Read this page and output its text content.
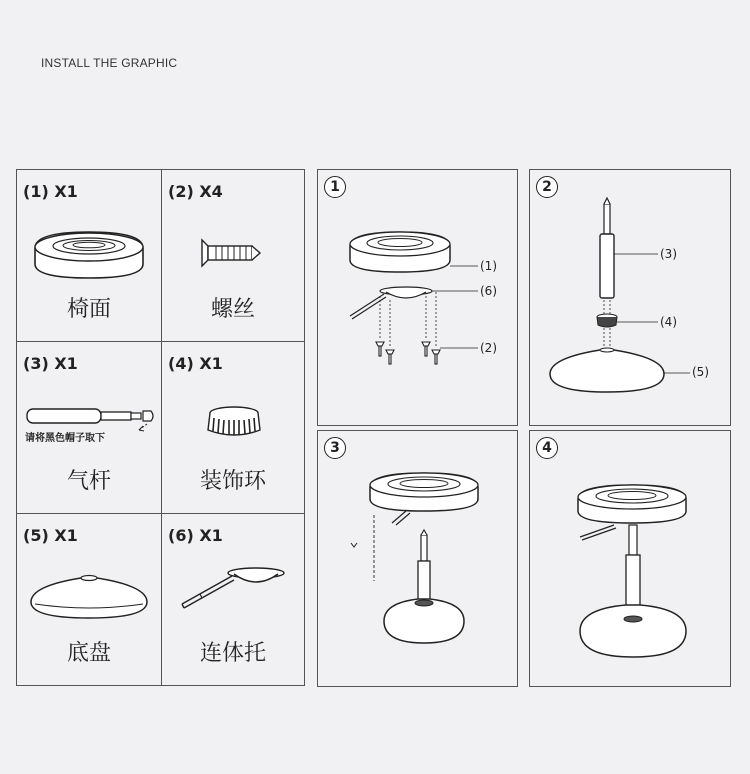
INSTALL THE GRAPHIC
(1) X1
椅面
(2) X4
螺丝
(3) X1
请将黑色帽子取下
气杆
(4) X1
装饰环
(5) X1
底盘
(6) X1
连体托
1
(1)
(6)
(2)
2
(3)
(4)
(5)
3	4
